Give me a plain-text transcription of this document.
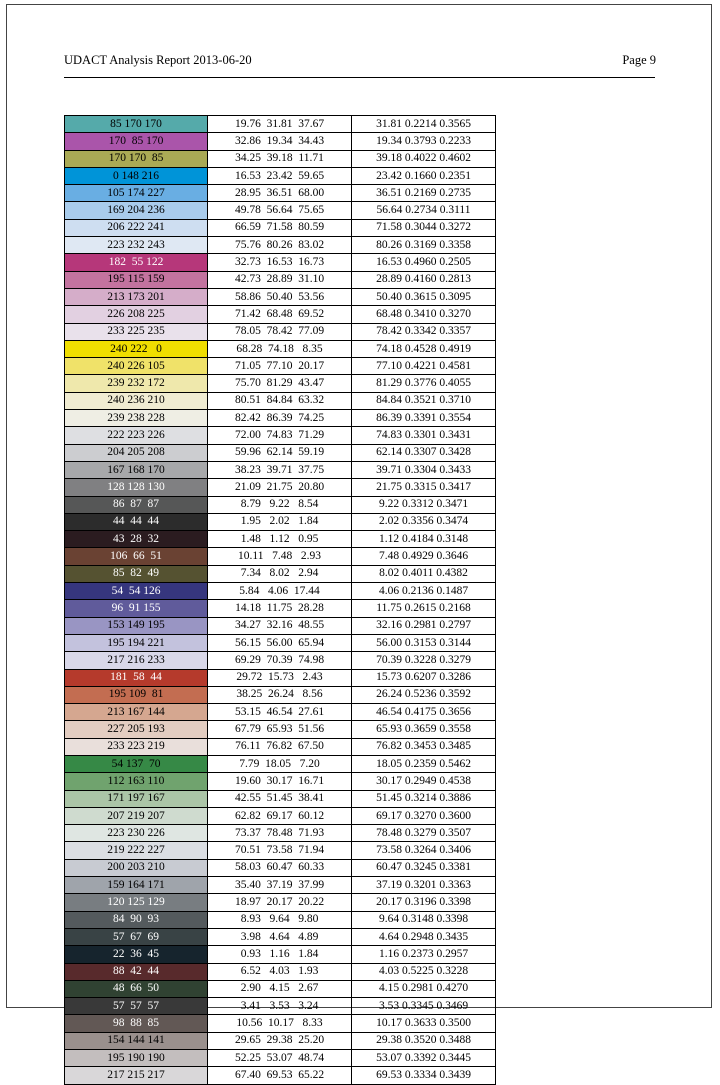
UDACT Analysis Report 2013-06-20	Page 9
85 170 170	19.76  31.81  37.67	31.81 0.2214 0.3565
170  85 170	32.86  19.34  34.43	19.34 0.3793 0.2233
170 170  85	34.25  39.18  11.71	39.18 0.4022 0.4602
0 148 216	16.53  23.42  59.65	23.42 0.1660 0.2351
105 174 227	28.95  36.51  68.00	36.51 0.2169 0.2735
169 204 236	49.78  56.64  75.65	56.64 0.2734 0.3111
206 222 241	66.59  71.58  80.59	71.58 0.3044 0.3272
223 232 243	75.76  80.26  83.02	80.26 0.3169 0.3358
182  55 122	32.73  16.53  16.73	16.53 0.4960 0.2505
195 115 159	42.73  28.89  31.10	28.89 0.4160 0.2813
213 173 201	58.86  50.40  53.56	50.40 0.3615 0.3095
226 208 225	71.42  68.48  69.52	68.48 0.3410 0.3270
233 225 235	78.05  78.42  77.09	78.42 0.3342 0.3357
240 222   0	68.28  74.18   8.35	74.18 0.4528 0.4919
240 226 105	71.05  77.10  20.17	77.10 0.4221 0.4581
239 232 172	75.70  81.29  43.47	81.29 0.3776 0.4055
240 236 210	80.51  84.84  63.32	84.84 0.3521 0.3710
239 238 228	82.42  86.39  74.25	86.39 0.3391 0.3554
222 223 226	72.00  74.83  71.29	74.83 0.3301 0.3431
204 205 208	59.96  62.14  59.19	62.14 0.3307 0.3428
167 168 170	38.23  39.71  37.75	39.71 0.3304 0.3433
128 128 130	21.09  21.75  20.80	21.75 0.3315 0.3417
86  87  87	8.79   9.22   8.54	9.22 0.3312 0.3471
44  44  44	1.95   2.02   1.84	2.02 0.3356 0.3474
43  28  32	1.48   1.12   0.95	1.12 0.4184 0.3148
106  66  51	10.11   7.48   2.93	7.48 0.4929 0.3646
85  82  49	7.34   8.02   2.94	8.02 0.4011 0.4382
54  54 126	5.84   4.06  17.44	4.06 0.2136 0.1487
96  91 155	14.18  11.75  28.28	11.75 0.2615 0.2168
153 149 195	34.27  32.16  48.55	32.16 0.2981 0.2797
195 194 221	56.15  56.00  65.94	56.00 0.3153 0.3144
217 216 233	69.29  70.39  74.98	70.39 0.3228 0.3279
181  58  44	29.72  15.73   2.43	15.73 0.6207 0.3286
195 109  81	38.25  26.24   8.56	26.24 0.5236 0.3592
213 167 144	53.15  46.54  27.61	46.54 0.4175 0.3656
227 205 193	67.79  65.93  51.56	65.93 0.3659 0.3558
233 223 219	76.11  76.82  67.50	76.82 0.3453 0.3485
54 137  70	7.79  18.05   7.20	18.05 0.2359 0.5462
112 163 110	19.60  30.17  16.71	30.17 0.2949 0.4538
171 197 167	42.55  51.45  38.41	51.45 0.3214 0.3886
207 219 207	62.82  69.17  60.12	69.17 0.3270 0.3600
223 230 226	73.37  78.48  71.93	78.48 0.3279 0.3507
219 222 227	70.51  73.58  71.94	73.58 0.3264 0.3406
200 203 210	58.03  60.47  60.33	60.47 0.3245 0.3381
159 164 171	35.40  37.19  37.99	37.19 0.3201 0.3363
120 125 129	18.97  20.17  20.22	20.17 0.3196 0.3398
84  90  93	8.93   9.64   9.80	9.64 0.3148 0.3398
57  67  69	3.98   4.64   4.89	4.64 0.2948 0.3435
22  36  45	0.93   1.16   1.84	1.16 0.2373 0.2957
88  42  44	6.52   4.03   1.93	4.03 0.5225 0.3228
48  66  50	2.90   4.15   2.67	4.15 0.2981 0.4270
57  57  57	3.41   3.53   3.24	3.53 0.3345 0.3469
98  88  85	10.56  10.17   8.33	10.17 0.3633 0.3500
154 144 141	29.65  29.38  25.20	29.38 0.3520 0.3488
195 190 190	52.25  53.07  48.74	53.07 0.3392 0.3445
217 215 217	67.40  69.53  65.22	69.53 0.3334 0.3439
